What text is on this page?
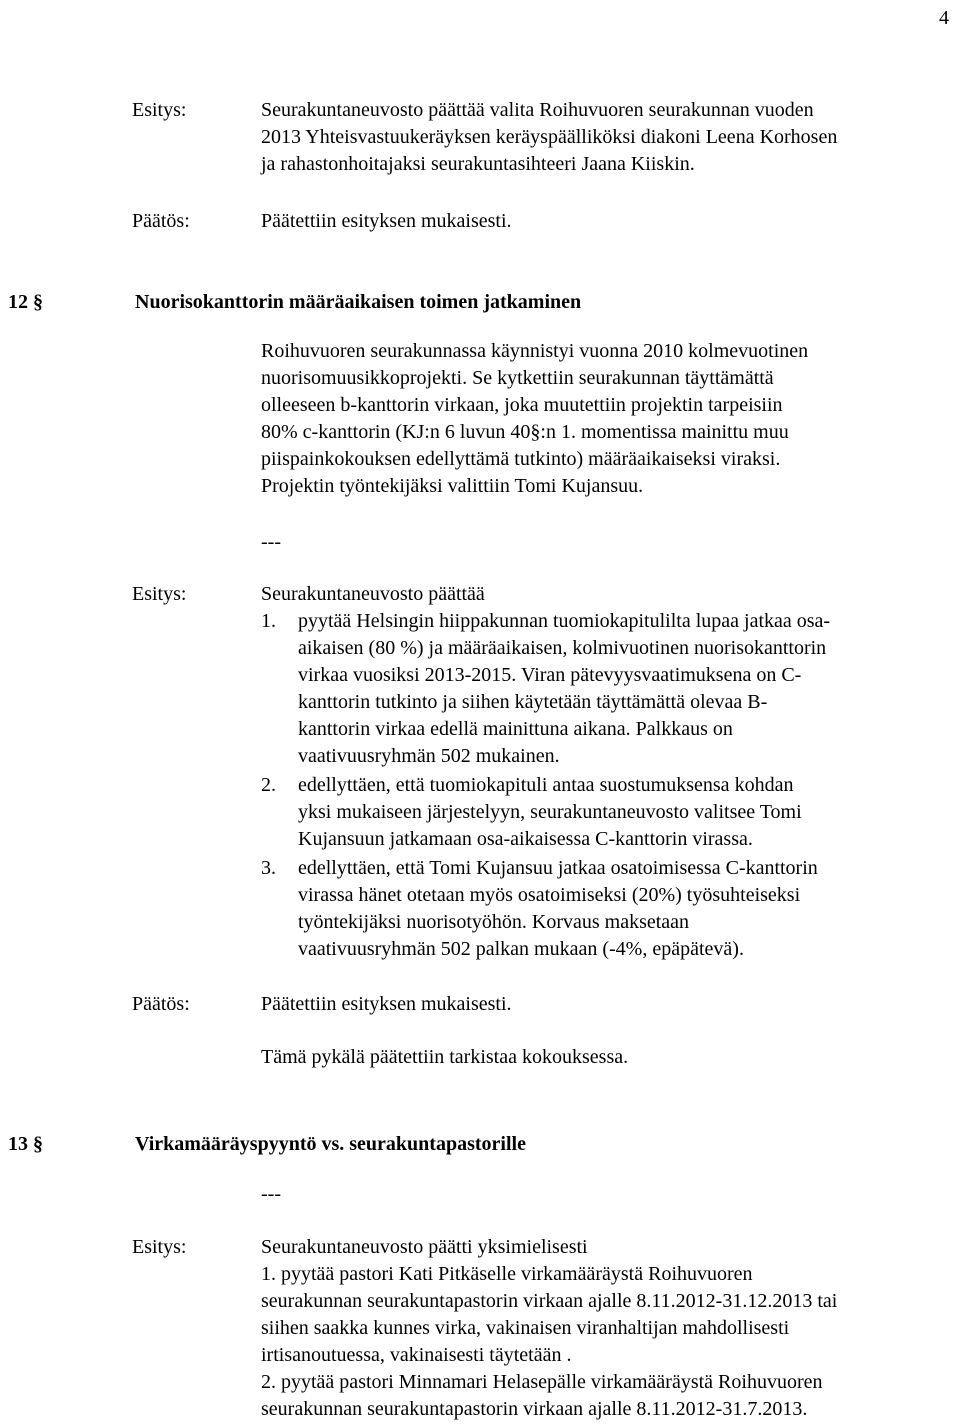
4
Esitys:	Seurakuntaneuvosto päättää valita Roihuvuoren seurakunnan vuoden
2013 Yhteisvastuukeräyksen keräyspäälliköksi diakoni Leena Korhosen
ja rahastonhoitajaksi seurakuntasihteeri Jaana Kiiskin.
Päätös:	Päätettiin esityksen mukaisesti.
12 §	Nuorisokanttorin määräaikaisen toimen jatkaminen
Roihuvuoren seurakunnassa käynnistyi vuonna 2010 kolmevuotinen
nuorisomuusikkoprojekti. Se kytkettiin seurakunnan täyttämättä
olleeseen b-kanttorin virkaan, joka muutettiin projektin tarpeisiin
80% c-kanttorin (KJ:n 6 luvun 40§:n 1. momentissa mainittu muu
piispainkokouksen edellyttämä tutkinto) määräaikaiseksi viraksi.
Projektin työntekijäksi valittiin Tomi Kujansuu.
---
Esitys:	Seurakuntaneuvosto päättää
1. pyytää Helsingin hiippakunnan tuomiokapitulilta lupaa jatkaa osa-
aikaisen (80 %) ja määräaikaisen, kolmivuotinen nuorisokanttorin
virkaa vuosiksi 2013-2015. Viran pätevyysvaatimuksena on C-
kanttorin tutkinto ja siihen käytetään täyttämättä olevaa B-
kanttorin virkaa edellä mainittuna aikana. Palkkaus on
vaativuusryhmän 502 mukainen.
2. edellyttäen, että tuomiokapituli antaa suostumuksensa kohdan
yksi mukaiseen järjestelyyn, seurakuntaneuvosto valitsee Tomi
Kujansuun jatkamaan osa-aikaisessa C-kanttorin virassa.
3. edellyttäen, että Tomi Kujansuu jatkaa osatoimisessa C-kanttorin
virassa hänet otetaan myös osatoimiseksi (20%) työsuhteiseksi
työntekijäksi nuorisotyöhön. Korvaus maksetaan
vaativuusryhmän 502 palkan mukaan (-4%, epäpätevä).
Päätös:	Päätettiin esityksen mukaisesti.
Tämä pykälä päätettiin tarkistaa kokouksessa.
13 §	Virkamääräyspyyntö vs. seurakuntapastorille
---
Esitys:	Seurakuntaneuvosto päätti yksimielisesti
1. pyytää pastori Kati Pitkäselle virkamääräystä Roihuvuoren
seurakunnan seurakuntapastorin virkaan ajalle 8.11.2012-31.12.2013 tai
siihen saakka kunnes virka, vakinaisen viranhaltijan mahdollisesti
irtisanoutuessa, vakinaisesti täytetään .
2. pyytää pastori Minnamari Helasepälle virkamääräystä Roihuvuoren
seurakunnan seurakuntapastorin virkaan ajalle 8.11.2012-31.7.2013.
